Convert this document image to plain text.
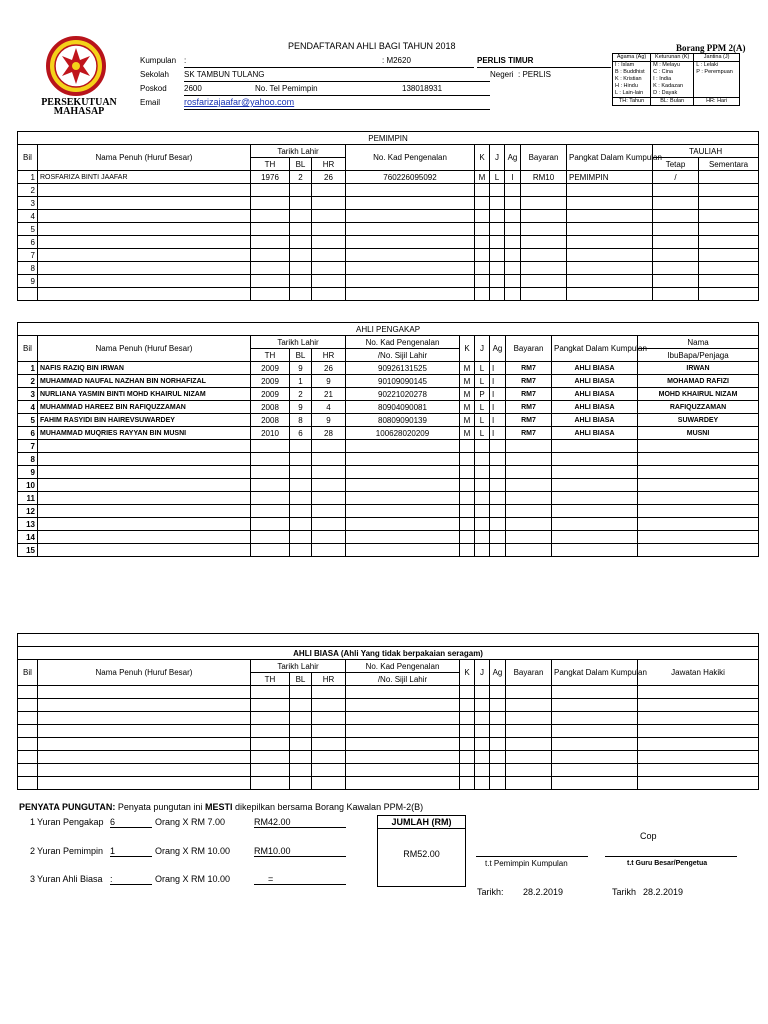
PERSEKUTUAN
MAHASAP
PENDAFTARAN AHLI BAGI TAHUN 2018	Borang PPM 2(A)
Kumpulan :	: M2620	PERLIS TIMUR
Sekolah SK TAMBUN TULANG	Negeri : PERLIS
Poskod 2600	No. Tel Pemimpin	138018931
Email	rosfarizajaafar@yahoo.com
Agama (Ag)	Keturunan (K)	Jantina (J)
I : Islam	M : Melayu	L : Lelaki
B : Buddhist	C : Cina	P : Perempuan
K : Kristian	I : India	
H : Hindu	K : Kadazan	
L : Lain-lain	D : Dayak	
TH: Tahun	BL: Bulan	HR: Hari
PEMIMPIN												
Bil	Nama Penuh (Huruf Besar)	Tarikh Lahir			No. Kad Pengenalan	K	J	Ag	Bayaran	Pangkat Dalam Kumpulan	TAULIAH	
		TH	BL	HR							Tetap	Sementara
1	ROSFARIZA BINTI JAAFAR	1976	2	26	760226095092	M	L	I	RM10	PEMIMPIN	/	
2												
3												
4												
5												
6												
7												
8												
9												

AHLI PENGAKAP											
Bil	Nama Penuh (Huruf Besar)	Tarikh Lahir			No. Kad Pengenalan	K	J	Ag	Bayaran	Pangkat Dalam Kumpulan	Nama
		TH	BL	HR	/No. Sijil Lahir						IbuBapa/Penjaga
1	NAFIS RAZIQ BIN IRWAN	2009	9	26	90926131525	M	L	I	RM7	AHLI BIASA	IRWAN
2	MUHAMMAD NAUFAL NAZHAN BIN NORHAFIZAL	2009	1	9	90109090145	M	L	I	RM7	AHLI BIASA	MOHAMAD RAFIZI
3	NURLIANA YASMIN BINTI MOHD KHAIRUL NIZAM	2009	2	21	90221020278	M	P	I	RM7	AHLI BIASA	MOHD KHAIRUL NIZAM
4	MUHAMMAD HAREEZ BIN RAFIQUZZAMAN	2008	9	4	80904090081	M	L	I	RM7	AHLI BIASA	RAFIQUZZAMAN
5	FAHIM RASYIDI BIN HAIREVSUWARDEY	2008	8	9	80809090139	M	L	I	RM7	AHLI BIASA	SUWARDEY
6	MUHAMMAD MUQRIES RAYYAN BIN MUSNI	2010	6	28	100628020209	M	L	I	RM7	AHLI BIASA	MUSNI
7											
8											
9											
10											
11											
12											
13											
14											
15											

AHLI BIASA (Ahli Yang tidak berpakaian seragam)											
Bil	Nama Penuh (Huruf Besar)	Tarikh Lahir			No. Kad Pengenalan	K	J	Ag	Bayaran	Pangkat Dalam Kumpulan	Jawatan Hakiki
		TH	BL	HR	/No. Sijil Lahir						

PENYATA PUNGUTAN: Penyata pungutan ini MESTI dikepilkan bersama Borang Kawalan PPM-2(B)
1 Yuran Pengakap 6	Orang X RM 7.00	RM42.00
2 Yuran Pemimpin 1	Orang X RM 10.00	RM10.00
3 Yuran Ahli Biasa :	Orang X RM 10.00	=
JUMLAH (RM)
RM52.00
Cop
t.t Pemimpin Kumpulan	t.t Guru Besar/Pengetua
Tarikh: 28.2.2019	Tarikh 28.2.2019
